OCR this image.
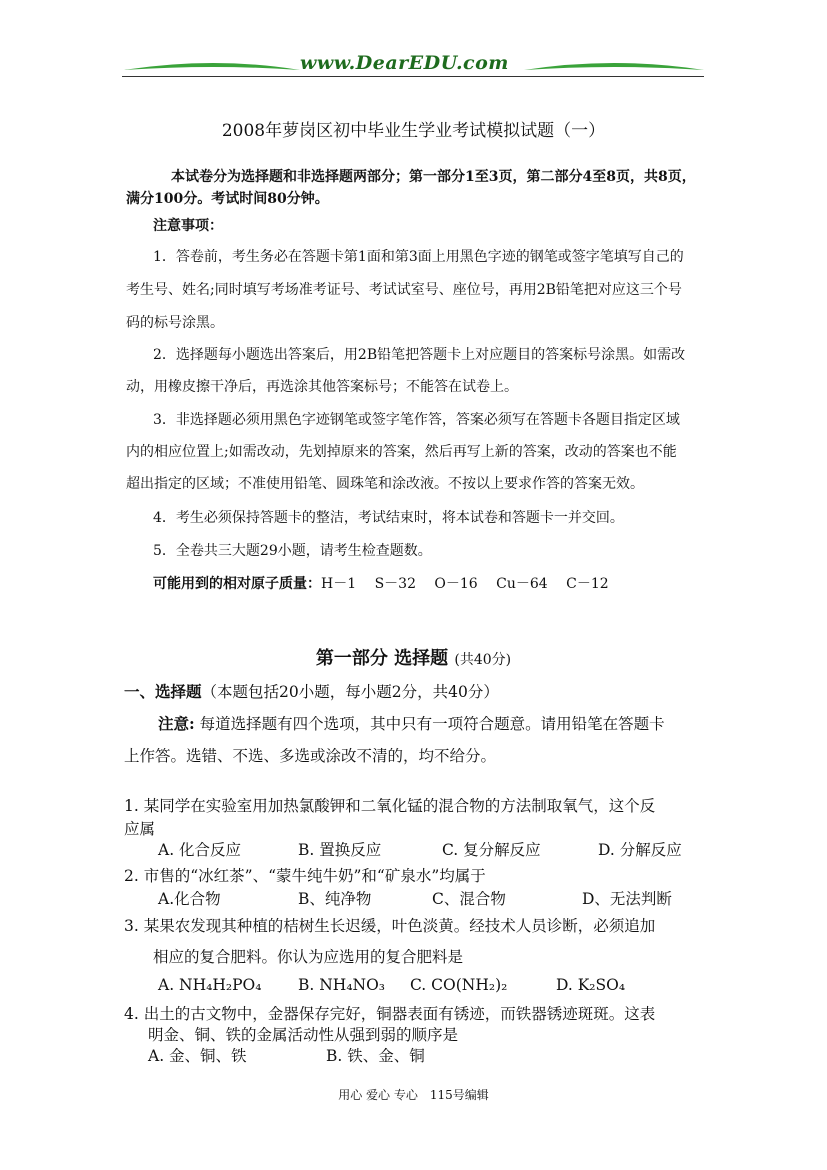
www.DearEDU.com
2008年萝岗区初中毕业生学业考试模拟试题（一）
本试卷分为选择题和非选择题两部分；第一部分1至3页，第二部分4至8页，共8页，
满分100分。考试时间80分钟。
注意事项：
1．答卷前，考生务必在答题卡第1面和第3面上用黑色字迹的钢笔或签字笔填写自己的
考生号、姓名;同时填写考场准考证号、考试试室号、座位号，再用2B铅笔把对应这三个号
码的标号涂黑。
2．选择题每小题选出答案后，用2B铅笔把答题卡上对应题目的答案标号涂黑。如需改
动，用橡皮擦干净后，再选涂其他答案标号；不能答在试卷上。
3．非选择题必须用黑色字迹钢笔或签字笔作答，答案必须写在答题卡各题目指定区域
内的相应位置上;如需改动，先划掉原来的答案，然后再写上新的答案，改动的答案也不能
超出指定的区域；不准使用铅笔、圆珠笔和涂改液。不按以上要求作答的答案无效。
4．考生必须保持答题卡的整洁，考试结束时，将本试卷和答题卡一并交回。
5．全卷共三大题29小题，请考生检查题数。
可能用到的相对原子质量：H－1　 S－32　 O－16　 Cu－64　 C－12
第一部分 选择题 (共40分)
一、选择题（本题包括20小题，每小题2分，共40分）
注意: 每道选择题有四个选项，其中只有一项符合题意。请用铅笔在答题卡
上作答。选错、不选、多选或涂改不清的，均不给分。
1. 某同学在实验室用加热氯酸钾和二氧化锰的混合物的方法制取氧气，这个反
应属
A. 化合反应	B. 置换反应	C. 复分解反应	D. 分解反应
2. 市售的“冰红茶”、“蒙牛纯牛奶”和“矿泉水”均属于
A.化合物	B、纯净物	C、混合物	D、无法判断
3. 某果农发现其种植的桔树生长迟缓，叶色淡黄。经技术人员诊断，必须追加
相应的复合肥料。你认为应选用的复合肥料是
A. NH₄H₂PO₄ B. NH₄NO₃ C. CO(NH₂)₂	D. K₂SO₄
4. 出土的古文物中，金器保存完好，铜器表面有锈迹，而铁器锈迹斑斑。这表
明金、铜、铁的金属活动性从强到弱的顺序是
A. 金、铜、铁	B. 铁、金、铜
用心 爱心 专心　115号编辑
